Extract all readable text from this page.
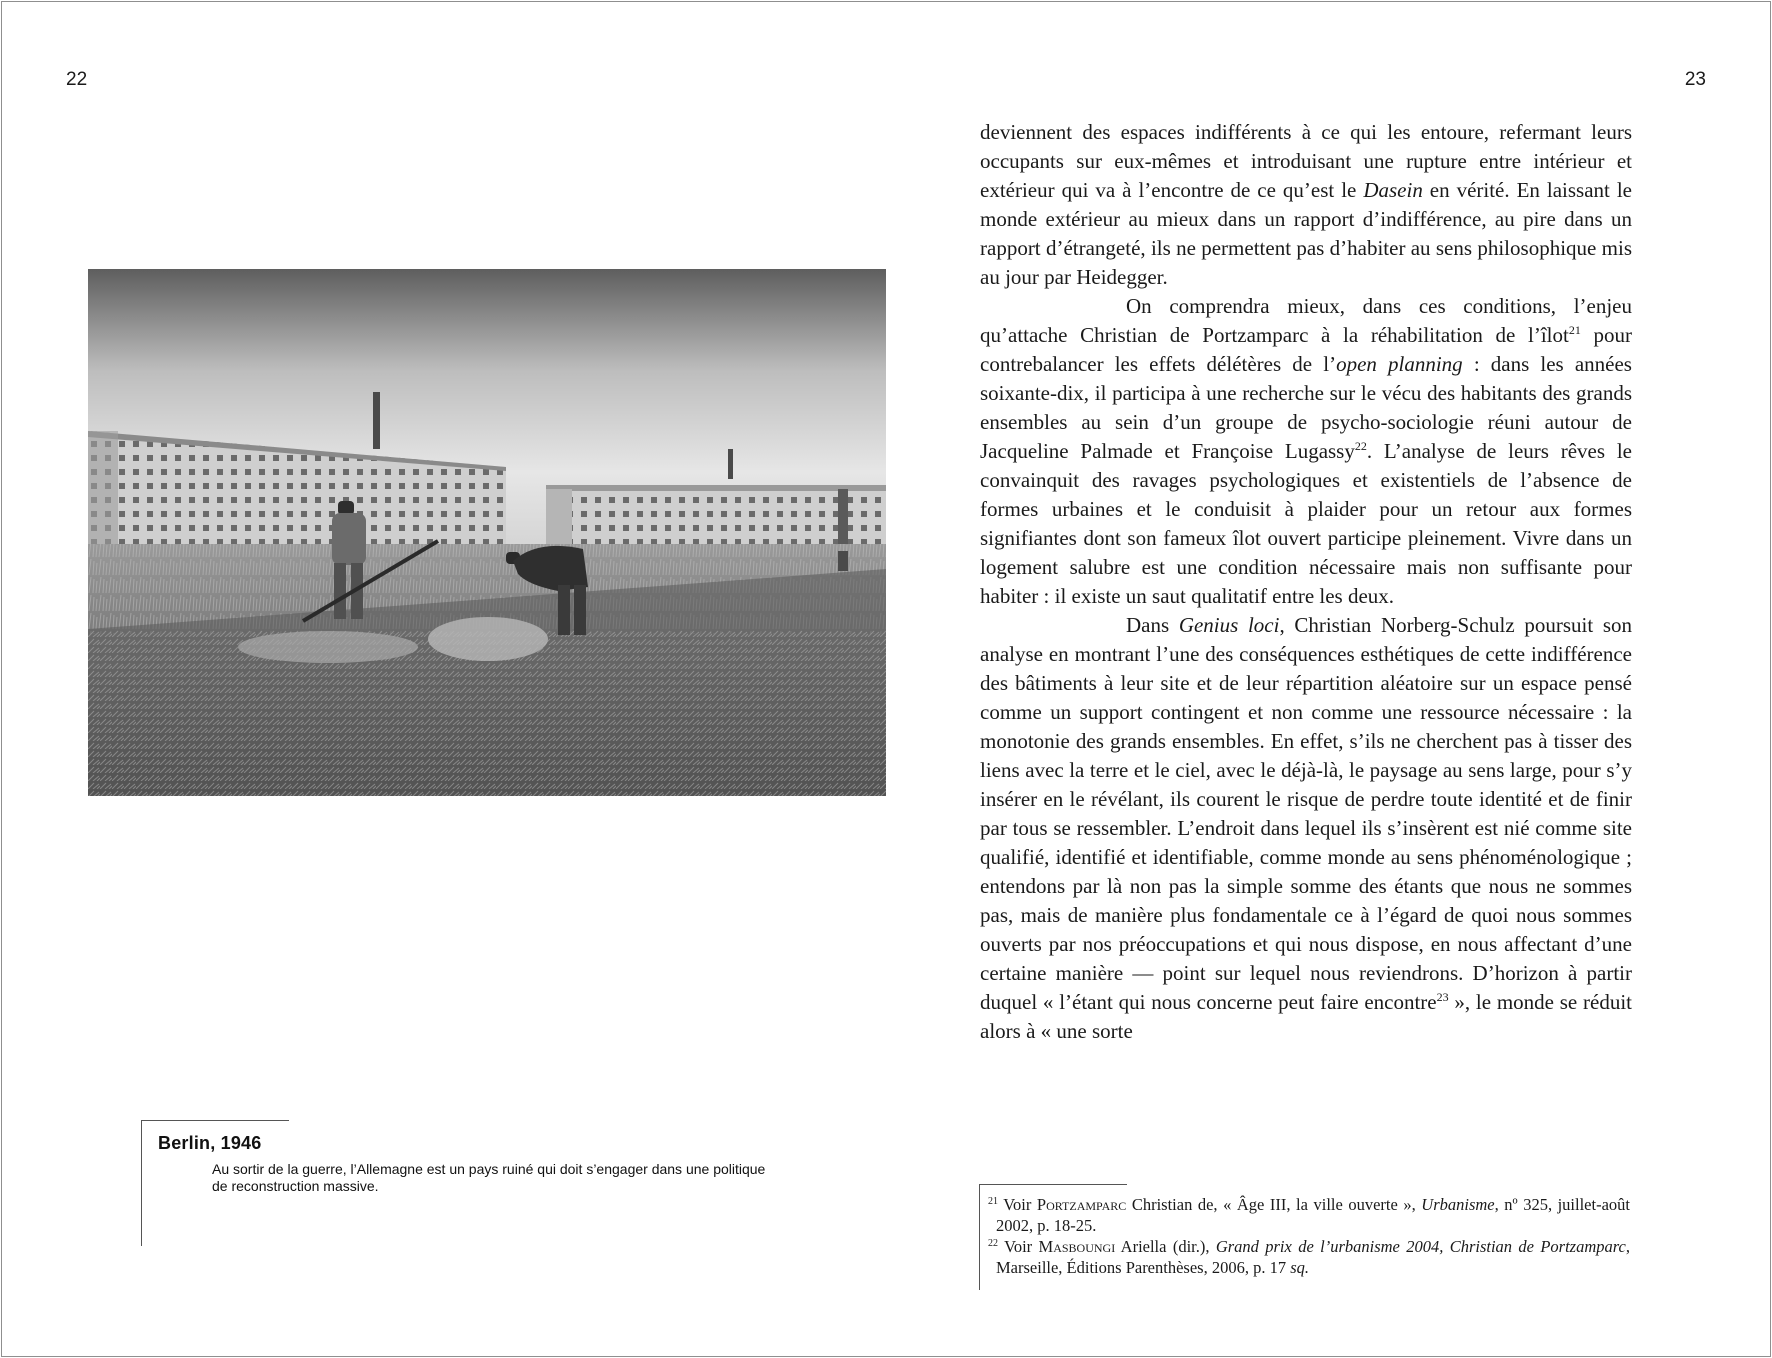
22	23
Berlin, 1946
Au sortir de la guerre, l’Allemagne est un pays ruiné qui doit s’engager dans une politique de reconstruction massive.

deviennent des espaces indifférents à ce qui les entoure, refermant leurs occupants sur eux-mêmes et introduisant une rupture entre intérieur et extérieur qui va à l’encontre de ce qu’est le Dasein en vérité. En laissant le monde extérieur au mieux dans un rapport d’indifférence, au pire dans un rapport d’étrangeté, ils ne permettent pas d’habiter au sens philosophique mis au jour par Heidegger.

On comprendra mieux, dans ces conditions, l’enjeu qu’attache Christian de Portzamparc à la réhabilitation de l’îlot$^{21}$ pour contrebalancer les effets délétères de l’open planning : dans les années soixante-dix, il participa à une recherche sur le vécu des habitants des grands ensembles au sein d’un groupe de psycho-sociologie réuni autour de Jacqueline Palmade et Françoise Lugassy$^{22}$. L’analyse de leurs rêves le convainquit des ravages psychologiques et existentiels de l’absence de formes urbaines et le conduisit à plaider pour un retour aux formes signifiantes dont son fameux îlot ouvert participe pleinement. Vivre dans un logement salubre est une condition nécessaire mais non suffisante pour habiter : il existe un saut qualitatif entre les deux.

Dans Genius loci, Christian Norberg-Schulz poursuit son analyse en montrant l’une des conséquences esthétiques de cette indifférence des bâtiments à leur site et de leur répartition aléatoire sur un espace pensé comme un support contingent et non comme une ressource nécessaire : la monotonie des grands ensembles. En effet, s’ils ne cherchent pas à tisser des liens avec la terre et le ciel, avec le déjà-là, le paysage au sens large, pour s’y insérer en le révélant, ils courent le risque de perdre toute identité et de finir par tous se ressembler. L’endroit dans lequel ils s’insèrent est nié comme site qualifié, identifié et identifiable, comme monde au sens phénoménologique ; entendons par là non pas la simple somme des étants que nous ne sommes pas, mais de manière plus fondamentale ce à l’égard de quoi nous sommes ouverts par nos préoccupations et qui nous dispose, en nous affectant d’une certaine manière — point sur lequel nous reviendrons. D’horizon à partir duquel « l’étant qui nous concerne peut faire encontre$^{23}$ », le monde se réduit alors à « une sorte

$^{21}$ Voir Portzamparc Christian de, « Âge III, la ville ouverte », Urbanisme, nº 325, juillet-août 2002, p. 18-25.

$^{22}$ Voir Masboungi Ariella (dir.), Grand prix de l’urbanisme 2004, Christian de Portzamparc, Marseille, Éditions Parenthèses, 2006, p. 17 sq.
